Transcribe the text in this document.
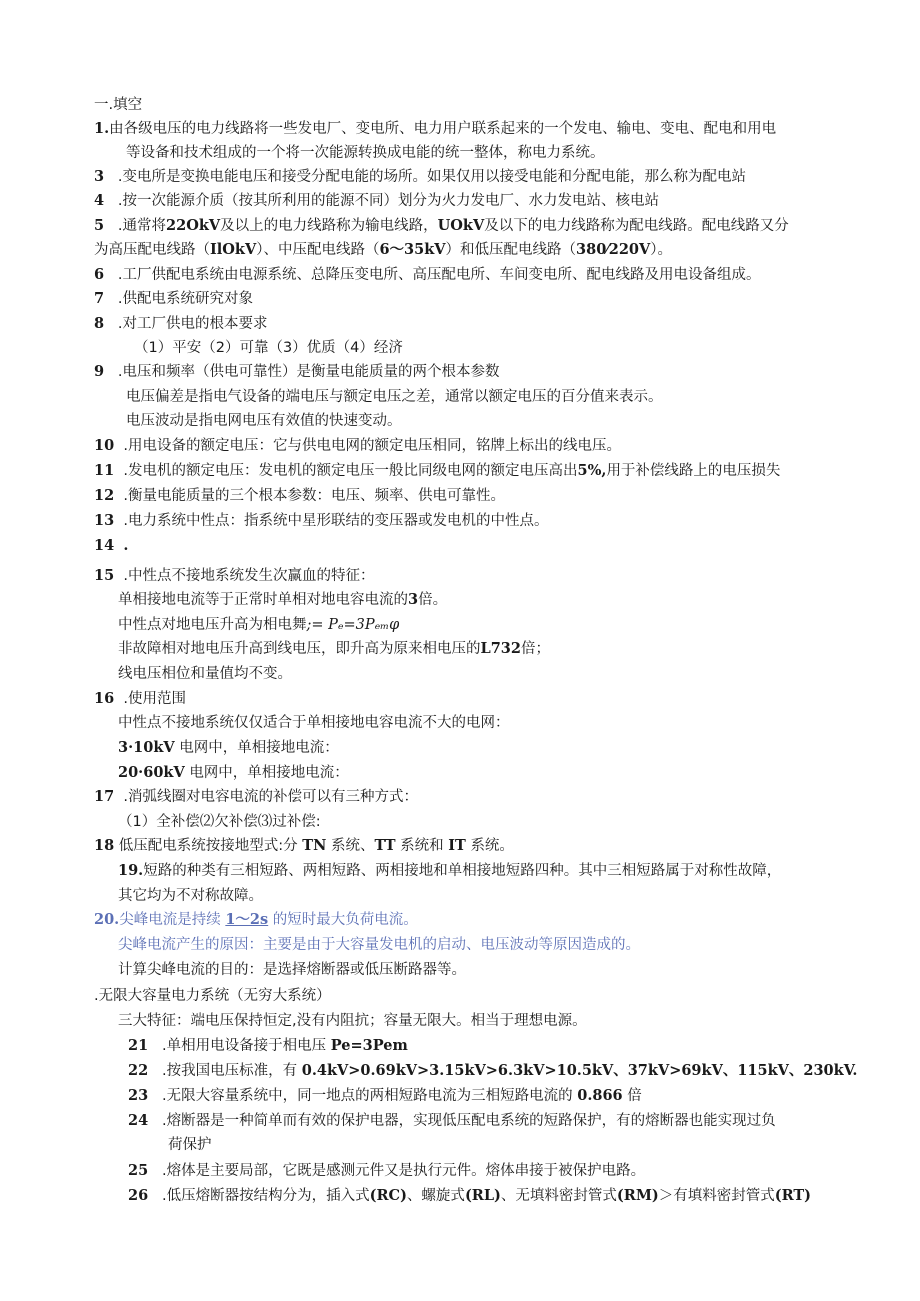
一.填空
1.由各级电压的电力线路将一些发电厂、变电所、电力用户联系起来的一个发电、输电、变电、配电和用电
等设备和技术组成的一个将一次能源转换成电能的统一整体，称电力系统。
3 .变电所是变换电能电压和接受分配电能的场所。如果仅用以接受电能和分配电能，那么称为配电站
4 .按一次能源介质（按其所利用的能源不同）划分为火力发电厂、水力发电站、核电站
5 .通常将22OkV及以上的电力线路称为输电线路，UOkV及以下的电力线路称为配电线路。配电线路又分
为高压配电线路（IlOkV）、中压配电线路（6～35kV）和低压配电线路（380⁄220V）。
6 .工厂供配电系统由电源系统、总降压变电所、高压配电所、车间变电所、配电线路及用电设备组成。
7 .供配电系统研究对象
8 .对工厂供电的根本要求
（1）平安（2）可靠（3）优质（4）经济
9 .电压和频率（供电可靠性）是衡量电能质量的两个根本参数
电压偏差是指电气设备的端电压与额定电压之差，通常以额定电压的百分值来表示。
电压波动是指电网电压有效值的快速变动。
10 .用电设备的额定电压：它与供电电网的额定电压相同，铭牌上标出的线电压。
11 .发电机的额定电压：发电机的额定电压一般比同级电网的额定电压高出5%,用于补偿线路上的电压损失
12 .衡量电能质量的三个根本参数：电压、频率、供电可靠性。
13 .电力系统中性点：指系统中星形联结的变压器或发电机的中性点。
14 .
15 .中性点不接地系统发生次赢血的特征：
单相接地电流等于正常时单相对地电容电流的3倍。
中性点对地电压升高为相电舞;= Pₑ=3Pₑₘφ
非故障相对地电压升高到线电压，即升高为原来相电压的L732倍；
线电压相位和量值均不变。
16 .使用范围
中性点不接地系统仅仅适合于单相接地电容电流不大的电网：
3·10kV 电网中，单相接地电流：
20·60kV 电网中，单相接地电流：
17 .消弧线圈对电容电流的补偿可以有三种方式：
（1）全补偿⑵欠补偿⑶过补偿:
18 低压配电系统按接地型式:分 TN 系统、TT 系统和 IT 系统。
19.短路的种类有三相短路、两相短路、两相接地和单相接地短路四种。其中三相短路属于对称性故障，
其它均为不对称故障。
20.尖峰电流是持续 1～2s 的短时最大负荷电流。
尖峰电流产生的原因：主要是由于大容量发电机的启动、电压波动等原因造成的。
计算尖峰电流的目的：是选择熔断器或低压断路器等。
.无限大容量电力系统（无穷大系统）
三大特征：端电压保持恒定,没有内阻抗；容量无限大。相当于理想电源。
21 .单相用电设备接于相电压 Pe=3Pem
22 .按我国电压标准，有 0.4kV>0.69kV>3.15kV>6.3kV>10.5kV、37kV>69kV、115kV、230kV.
23 .无限大容量系统中，同一地点的两相短路电流为三相短路电流的 0.866 倍
24 .熔断器是一种简单而有效的保护电器，实现低压配电系统的短路保护，有的熔断器也能实现过负
荷保护
25 .熔体是主要局部，它既是感测元件又是执行元件。熔体串接于被保护电路。
26 .低压熔断器按结构分为，插入式(RC)、螺旋式(RL)、无填料密封管式(RM)＞有填料密封管式(RT)
